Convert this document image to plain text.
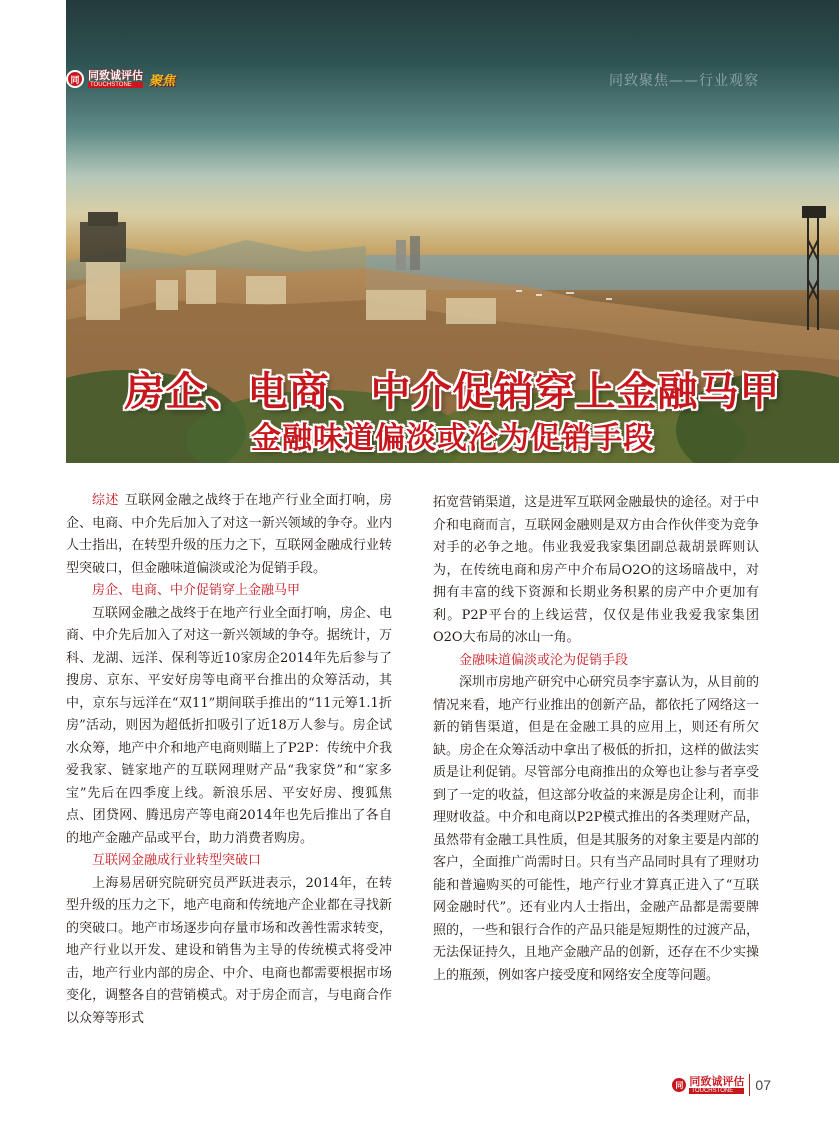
同 同致诚评估
TOUCHSTONE	聚焦	同致聚焦——行业观察
房企、电商、中介促销穿上金融马甲
金融味道偏淡或沦为促销手段

综述 互联网金融之战终于在地产行业全面打响，房企、电商、中介先后加入了对这一新兴领域的争夺。业内人士指出，在转型升级的压力之下，互联网金融成行业转型突破口，但金融味道偏淡或沦为促销手段。

房企、电商、中介促销穿上金融马甲

互联网金融之战终于在地产行业全面打响，房企、电商、中介先后加入了对这一新兴领域的争夺。据统计，万科、龙湖、远洋、保利等近10家房企2014年先后参与了搜房、京东、平安好房等电商平台推出的众筹活动，其中，京东与远洋在“双11”期间联手推出的“11元筹1.1折房”活动，则因为超低折扣吸引了近18万人参与。房企试水众筹，地产中介和地产电商则瞄上了P2P：传统中介我爱我家、链家地产的互联网理财产品“我家贷”和“家多宝”先后在四季度上线。新浪乐居、平安好房、搜狐焦点、团贷网、腾迅房产等电商2014年也先后推出了各自的地产金融产品或平台，助力消费者购房。

互联网金融成行业转型突破口

上海易居研究院研究员严跃进表示，2014年，在转型升级的压力之下，地产电商和传统地产企业都在寻找新的突破口。地产市场逐步向存量市场和改善性需求转变，地产行业以开发、建设和销售为主导的传统模式将受冲击，地产行业内部的房企、中介、电商也都需要根据市场变化，调整各自的营销模式。对于房企而言，与电商合作以众筹等形式

拓宽营销渠道，这是进军互联网金融最快的途径。对于中介和电商而言，互联网金融则是双方由合作伙伴变为竞争对手的必争之地。伟业我爱我家集团副总裁胡景晖则认为，在传统电商和房产中介布局O2O的这场暗战中，对拥有丰富的线下资源和长期业务积累的房产中介更加有利。P2P平台的上线运营，仅仅是伟业我爱我家集团O2O大布局的冰山一角。

金融味道偏淡或沦为促销手段

深圳市房地产研究中心研究员李宇嘉认为，从目前的情况来看，地产行业推出的创新产品，都依托了网络这一新的销售渠道，但是在金融工具的应用上，则还有所欠缺。房企在众筹活动中拿出了极低的折扣，这样的做法实质是让利促销。尽管部分电商推出的众筹也让参与者享受到了一定的收益，但这部分收益的来源是房企让利，而非理财收益。中介和电商以P2P模式推出的各类理财产品，虽然带有金融工具性质，但是其服务的对象主要是内部的客户，全面推广尚需时日。只有当产品同时具有了理财功能和普遍购买的可能性，地产行业才算真正进入了“互联网金融时代”。还有业内人士指出，金融产品都是需要牌照的，一些和银行合作的产品只能是短期性的过渡产品，无法保证持久，且地产金融产品的创新，还存在不少实操上的瓶颈，例如客户接受度和网络安全度等问题。

同 同致诚评估
TOUCHSTONE	07
